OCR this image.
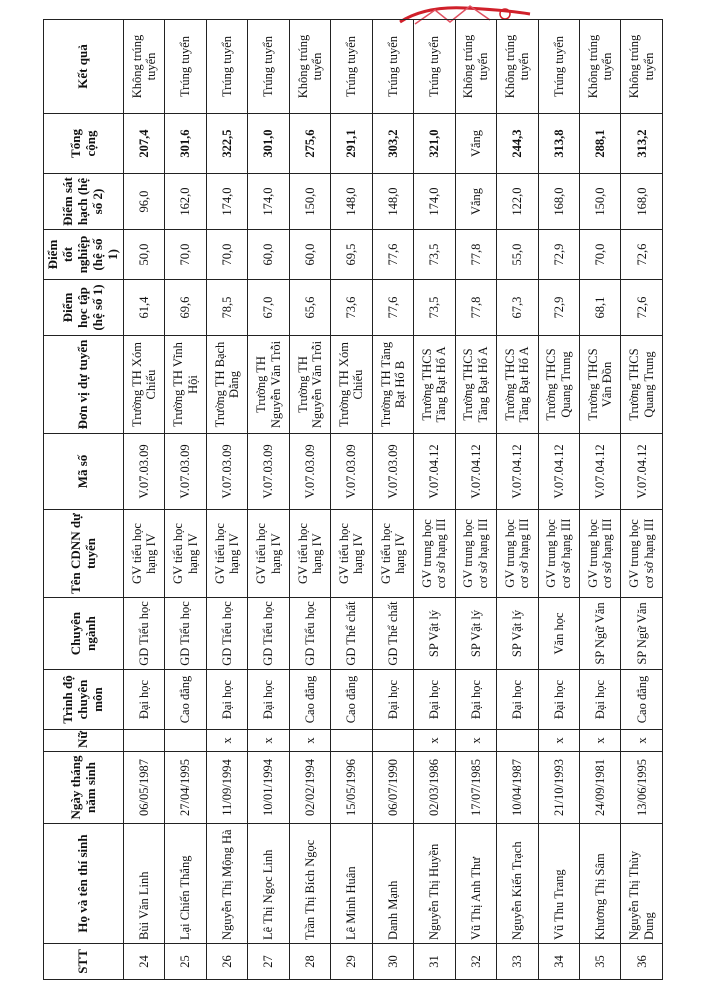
STT	Họ và tên thí sinh	Ngày tháng năm sinh	Nữ	Trình độ chuyên môn	Chuyên ngành	Tên CDNN dự tuyển	Mã số	Đơn vị dự tuyển	Điểm học tập (hệ số 1)	Điểm tốt nghiệp (hệ số 1)	Điểm sát hạch (hệ số 2)	Tổng cộng	Kết quả
24	Bùi Văn Linh	06/05/1987		Đại học	GD Tiểu học	GV tiểu học hạng IV	V.07.03.09	Trường TH Xóm Chiếu	61,4	50,0	96,0	207,4	Không trúng tuyển
25	Lại Chiến Thắng	27/04/1995		Cao đẳng	GD Tiểu học	GV tiểu học hạng IV	V.07.03.09	Trường TH Vĩnh Hội	69,6	70,0	162,0	301,6	Trúng tuyển
26	Nguyễn Thị Mộng Hà	11/09/1994	x	Đại học	GD Tiểu học	GV tiểu học hạng IV	V.07.03.09	Trường TH Bạch Đằng	78,5	70,0	174,0	322,5	Trúng tuyển
27	Lê Thị Ngọc Linh	10/01/1994	x	Đại học	GD Tiểu học	GV tiểu học hạng IV	V.07.03.09	Trường TH Nguyễn Văn Trỗi	67,0	60,0	174,0	301,0	Trúng tuyển
28	Trần Thị Bích Ngọc	02/02/1994	x	Cao đẳng	GD Tiểu học	GV tiểu học hạng IV	V.07.03.09	Trường TH Nguyễn Văn Trỗi	65,6	60,0	150,0	275,6	Không trúng tuyển
29	Lê Minh Huân	15/05/1996		Cao đẳng	GD Thể chất	GV tiểu học hạng IV	V.07.03.09	Trường TH Xóm Chiếu	73,6	69,5	148,0	291,1	Trúng tuyển
30	Danh Mạnh	06/07/1990		Đại học	GD Thể chất	GV tiểu học hạng IV	V.07.03.09	Trường TH Tăng Bạt Hổ B	77,6	77,6	148,0	303,2	Trúng tuyển
31	Nguyễn Thị Huyền	02/03/1986	x	Đại học	SP Vật lý	GV trung học cơ sở hạng III	V.07.04.12	Trường THCS Tăng Bạt Hổ A	73,5	73,5	174,0	321,0	Trúng tuyển
32	Vũ Thị Anh Thư	17/07/1985	x	Đại học	SP Vật lý	GV trung học cơ sở hạng III	V.07.04.12	Trường THCS Tăng Bạt Hổ A	77,8	77,8	Vắng	Vắng	Không trúng tuyển
33	Nguyễn Kiến Trạch	10/04/1987		Đại học	SP Vật lý	GV trung học cơ sở hạng III	V.07.04.12	Trường THCS Tăng Bạt Hổ A	67,3	55,0	122,0	244,3	Không trúng tuyển
34	Vũ Thu Trang	21/10/1993	x	Đại học	Văn học	GV trung học cơ sở hạng III	V.07.04.12	Trường THCS Quang Trung	72,9	72,9	168,0	313,8	Trúng tuyển
35	Khương Thị Sâm	24/09/1981	x	Đại học	SP Ngữ Văn	GV trung học cơ sở hạng III	V.07.04.12	Trường THCS Vân Đồn	68,1	70,0	150,0	288,1	Không trúng tuyển
36	Nguyễn Thị Thùy Dung	13/06/1995	x	Cao đẳng	SP Ngữ Văn	GV trung học cơ sở hạng III	V.07.04.12	Trường THCS Quang Trung	72,6	72,6	168,0	313,2	Không trúng tuyển
